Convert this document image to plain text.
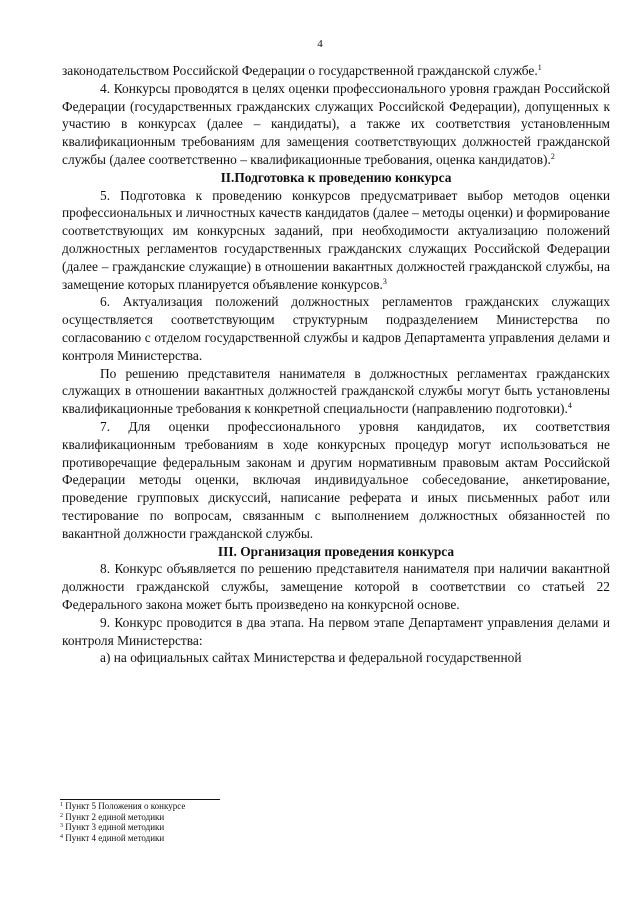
4

законодательством Российской Федерации о государственной гражданской службе.$^1$

4. Конкурсы проводятся в целях оценки профессионального уровня граждан Российской Федерации (государственных гражданских служащих Российской Федерации), допущенных к участию в конкурсах (далее – кандидаты), а также их соответствия установленным квалификационным требованиям для замещения соответствующих должностей гражданской службы (далее соответственно – квалификационные требования, оценка кандидатов).$^2$

II.Подготовка к проведению конкурса

5. Подготовка к проведению конкурсов предусматривает выбор методов оценки профессиональных и личностных качеств кандидатов (далее – методы оценки) и формирование соответствующих им конкурсных заданий, при необходимости актуализацию положений должностных регламентов государственных гражданских служащих Российской Федерации (далее – гражданские служащие) в отношении вакантных должностей гражданской службы, на замещение которых планируется объявление конкурсов.$^3$

6. Актуализация положений должностных регламентов гражданских служащих осуществляется соответствующим структурным подразделением Министерства по согласованию с отделом государственной службы и кадров Департамента управления делами и контроля Министерства.

По решению представителя нанимателя в должностных регламентах гражданских служащих в отношении вакантных должностей гражданской службы могут быть установлены квалификационные требования к конкретной специальности (направлению подготовки).$^4$

7. Для оценки профессионального уровня кандидатов, их соответствия квалификационным требованиям в ходе конкурсных процедур могут использоваться не противоречащие федеральным законам и другим нормативным правовым актам Российской Федерации методы оценки, включая индивидуальное собеседование, анкетирование, проведение групповых дискуссий, написание реферата и иных письменных работ или тестирование по вопросам, связанным с выполнением должностных обязанностей по вакантной должности гражданской службы.

III. Организация проведения конкурса

8. Конкурс объявляется по решению представителя нанимателя при наличии вакантной должности гражданской службы, замещение которой в соответствии со статьей 22 Федерального закона может быть произведено на конкурсной основе.

9. Конкурс проводится в два этапа. На первом этапе Департамент управления делами и контроля Министерства:

а) на официальных сайтах Министерства и федеральной государственной

$^1$ Пункт 5 Положения о конкурсе

$^2$ Пункт 2 единой методики

$^3$ Пункт 3 единой методики

$^4$ Пункт 4 единой методики
